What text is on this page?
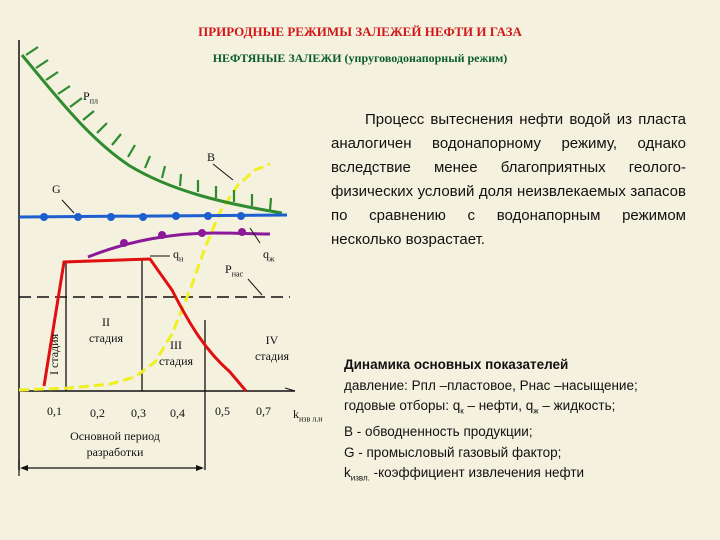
ПРИРОДНЫЕ РЕЖИМЫ ЗАЛЕЖЕЙ НЕФТИ И ГАЗА
НЕФТЯНЫЕ ЗАЛЕЖИ (упруговодонапорный режим)
I стадия
$P_{пл}$
B
G
$q_н$	$q_ж$
$P_{нас}$
II
стадия	III
стадия
IV
стадия
0,1 0,2 0,3 0,4	0,5 0,7 $k_{изв л.н}$
Основной период
разработки
Процесс вытеснения нефти водой из пласта аналогичен водонапорному режиму, однако вследствие менее благоприятных геолого-физических условий доля неизвлекаемых запасов по сравнению с водонапорным режимом несколько возрастает.
Динамика основных показателей
давление: Pпл –пластовое, Pнас –насыщение;
годовые отборы: $q_к$ – нефти, $q_ж$ – жидкость;
B - обводненность продукции;
G - промысловый газовый фактор;
$k_{извл.}$ -коэффициент извлечения нефти
